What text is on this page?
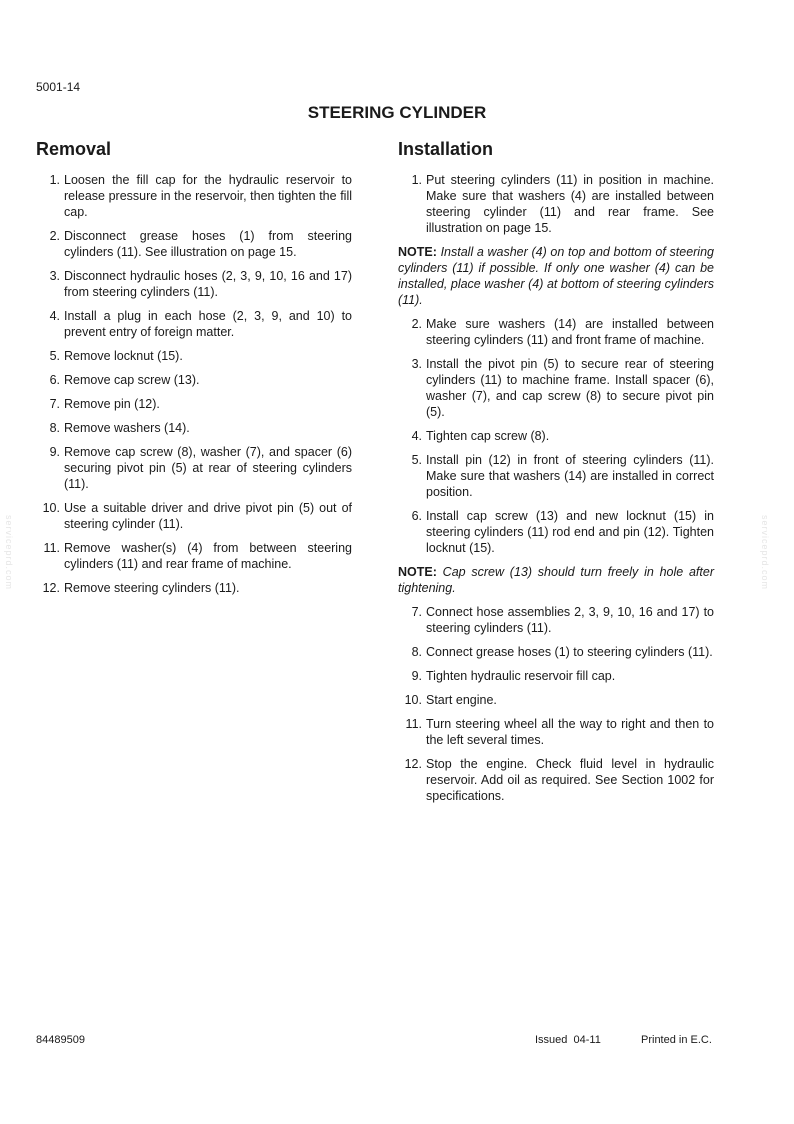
5001-14
STEERING CYLINDER
serviceprd.com	serviceprd.com
Removal
1. Loosen the fill cap for the hydraulic reservoir to release pressure in the reservoir, then tighten the fill cap.
2. Disconnect grease hoses (1) from steering cylinders (11). See illustration on page 15.
3. Disconnect hydraulic hoses (2, 3, 9, 10, 16 and 17) from steering cylinders (11).
4. Install a plug in each hose (2, 3, 9, and 10) to prevent entry of foreign matter.
5. Remove locknut (15).
6. Remove cap screw (13).
7. Remove pin (12).
8. Remove washers (14).
9. Remove cap screw (8), washer (7), and spacer (6) securing pivot pin (5) at rear of steering cylinders (11).
10. Use a suitable driver and drive pivot pin (5) out of steering cylinder (11).
11. Remove washer(s) (4) from between steering cylinders (11) and rear frame of machine.
12. Remove steering cylinders (11).
Installation
1. Put steering cylinders (11) in position in machine. Make sure that washers (4) are installed between steering cylinder (11) and rear frame. See illustration on page 15.

NOTE: Install a washer (4) on top and bottom of steering cylinders (11) if possible. If only one washer (4) can be installed, place washer (4) at bottom of steering cylinders (11).

2. Make sure washers (14) are installed between steering cylinders (11) and front frame of machine.
3. Install the pivot pin (5) to secure rear of steering cylinders (11) to machine frame. Install spacer (6), washer (7), and cap screw (8) to secure pivot pin (5).
4. Tighten cap screw (8).
5. Install pin (12) in front of steering cylinders (11). Make sure that washers (14) are installed in correct position.
6. Install cap screw (13) and new locknut (15) in steering cylinders (11) rod end and pin (12). Tighten locknut (15).

NOTE: Cap screw (13) should turn freely in hole after tightening.

7. Connect hose assemblies 2, 3, 9, 10, 16 and 17) to steering cylinders (11).
8. Connect grease hoses (1) to steering cylinders (11).
9. Tighten hydraulic reservoir fill cap.
10. Start engine.
11. Turn steering wheel all the way to right and then to the left several times.
12. Stop the engine. Check fluid level in hydraulic reservoir. Add oil as required. See Section 1002 for specifications.
84489509	Issued  04-11	Printed in E.C.
